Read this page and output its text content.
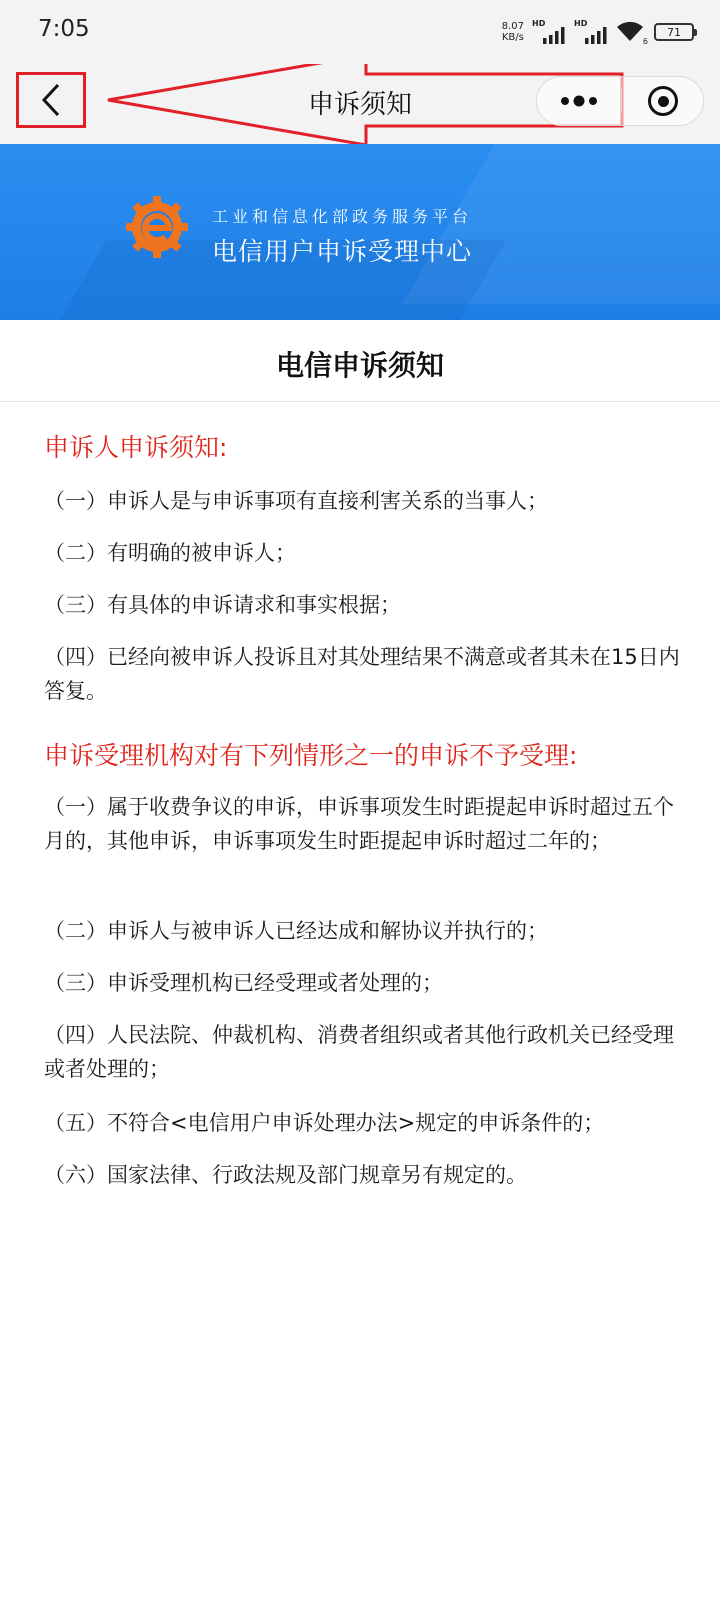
7:05	8.07
KB/s
HD	HD
6
71
申诉须知
工业和信息化部政务服务平台
电信用户申诉受理中心
电信申诉须知
申诉人申诉须知:
（一）申诉人是与申诉事项有直接利害关系的当事人；
（二）有明确的被申诉人；
（三）有具体的申诉请求和事实根据；
（四）已经向被申诉人投诉且对其处理结果不满意或者其未在15日内答复。
申诉受理机构对有下列情形之一的申诉不予受理:
（一）属于收费争议的申诉，申诉事项发生时距提起申诉时超过五个月的，其他申诉，申诉事项发生时距提起申诉时超过二年的；
（二）申诉人与被申诉人已经达成和解协议并执行的；
（三）申诉受理机构已经受理或者处理的；
（四）人民法院、仲裁机构、消费者组织或者其他行政机关已经受理或者处理的；
（五）不符合<电信用户申诉处理办法>规定的申诉条件的；
（六）国家法律、行政法规及部门规章另有规定的。
